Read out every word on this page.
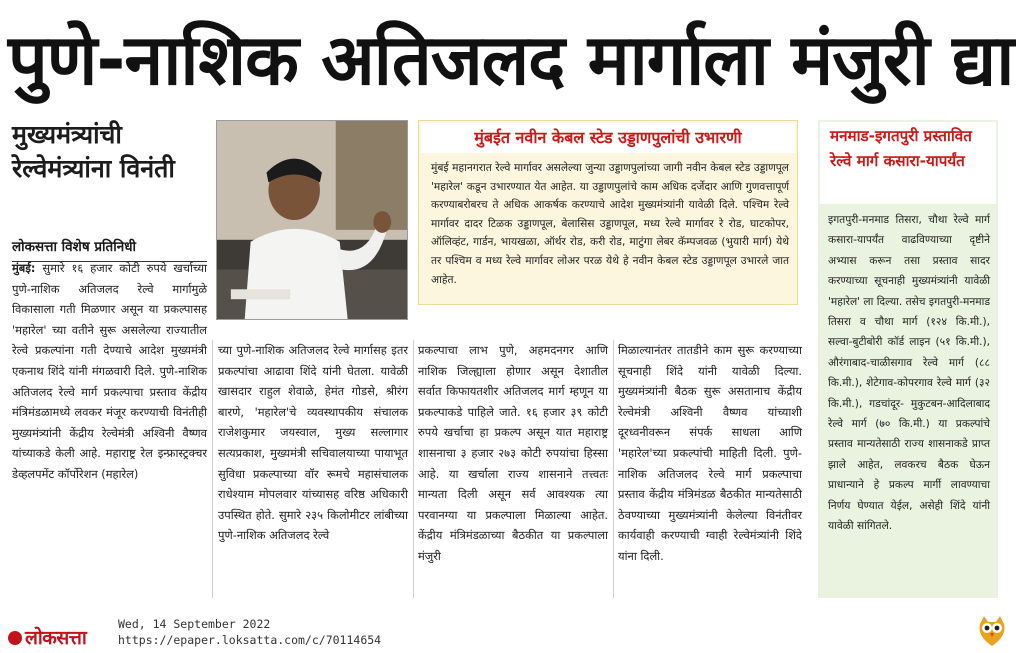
पुणे-नाशिक अतिजलद मार्गाला मंजुरी द्या
मुख्यमंत्र्यांची रेल्वेमंत्र्यांना विनंती
लोकसत्ता विशेष प्रतिनिधी
मुंबईत नवीन केबल स्टेड उड्डाणपुलांची उभारणी
मुंबई महानगरात रेल्वे मार्गावर असलेल्या जुन्या उड्डाणपुलांच्या जागी नवीन केबल स्टेड उड्डाणपूल 'महारेल' कडून उभारण्यात येत आहेत. या उड्डाणपुलांचे काम अधिक दर्जेदार आणि गुणवत्तापूर्ण करण्याबरोबरच ते अधिक आकर्षक करण्याचे आदेश मुख्यमंत्र्यांनी यावेळी दिले. पश्चिम रेल्वे मार्गावर दादर टिळक उड्डाणपूल, बेलासिस उड्डाणपूल, मध्य रेल्वे मार्गावर रे रोड, घाटकोपर, ऑलिव्हंट, गार्डन, भायखळा, ऑर्थर रोड, करी रोड, माटुंगा लेबर कॅम्पजवळ (भुयारी मार्ग) येथे तर पश्चिम व मध्य रेल्वे मार्गावर लोअर परळ येथे हे नवीन केबल स्टेड उड्डाणपूल उभारले जात आहेत.
मनमाड-इगतपुरी प्रस्तावित रेल्वे मार्ग कसारा-यापर्यंत
इगतपुरी-मनमाड तिसरा, चौथा रेल्वे मार्ग कसारा-यापर्यंत वाढविण्याच्या दृष्टीने अभ्यास करून तसा प्रस्ताव सादर करण्याच्या सूचनाही मुख्यमंत्र्यांनी यावेळी 'महारेल' ला दिल्या. तसेच इगतपुरी-मनमाड तिसरा व चौथा मार्ग (१२४ कि.मी.), सल्वा-बुटीबोरी कॉर्ड लाइन (५१ कि.मी.), औरंगाबाद-चाळीसगाव रेल्वे मार्ग (८८ कि.मी.), शेटेगाव-कोपरगाव रेल्वे मार्ग (३२ कि.मी.), गडचांदूर- मुकुटबन-आदिलाबाद रेल्वे मार्ग (७० कि.मी.) या प्रकल्पांचे प्रस्ताव मान्यतेसाठी राज्य शासनाकडे प्राप्त झाले आहेत, लवकरच बैठक घेऊन प्राधान्याने हे प्रकल्प मार्गी लावण्याचा निर्णय घेण्यात येईल, असेही शिंदे यांनी यावेळी सांगितले.
मुंबई: सुमारे १६ हजार कोटी रुपये खर्चाच्या पुणे-नाशिक अतिजलद रेल्वे मार्गामुळे विकासाला गती मिळणार असून या प्रकल्पासह 'महारेल' च्या वतीने सुरू असलेल्या राज्यातील रेल्वे प्रकल्पांना गती देण्याचे आदेश मुख्यमंत्री एकनाथ शिंदे यांनी मंगळवारी दिले. पुणे-नाशिक अतिजलद रेल्वे मार्ग प्रकल्पाचा प्रस्ताव केंद्रीय मंत्रिमंडळामध्ये लवकर मंजूर करण्याची विनंतीही मुख्यमंत्र्यांनी केंद्रीय रेल्वेमंत्री अश्विनी वैष्णव यांच्याकडे केली आहे. महाराष्ट्र रेल इन्फ्रास्ट्रक्चर डेव्हलपमेंट कॉर्पोरेशन (महारेल)
च्या पुणे-नाशिक अतिजलद रेल्वे मार्गासह इतर प्रकल्पांचा आढावा शिंदे यांनी घेतला. यावेळी खासदार राहुल शेवाळे, हेमंत गोडसे, श्रीरंग बारणे, 'महारेल'चे व्यवस्थापकीय संचालक राजेशकुमार जयस्वाल, मुख्य सल्लागार सत्यप्रकाश, मुख्यमंत्री सचिवालयाच्या पायाभूत सुविधा प्रकल्पाच्या वॉर रूमचे महासंचालक राधेश्याम मोपलवार यांच्यासह वरिष्ठ अधिकारी उपस्थित होते. सुमारे २३५ किलोमीटर लांबीच्या पुणे-नाशिक अतिजलद रेल्वे
प्रकल्पाचा लाभ पुणे, अहमदनगर आणि नाशिक जिल्ह्याला होणार असून देशातील सर्वात किफायतशीर अतिजलद मार्ग म्हणून या प्रकल्पाकडे पाहिले जाते. १६ हजार ३९ कोटी रुपये खर्चाचा हा प्रकल्प असून यात महाराष्ट्र शासनाचा ३ हजार २७३ कोटी रुपयांचा हिस्सा आहे. या खर्चाला राज्य शासनाने तत्त्वतः मान्यता दिली असून सर्व आवश्यक त्या परवानग्या या प्रकल्पाला मिळाल्या आहेत. केंद्रीय मंत्रिमंडळाच्या बैठकीत या प्रकल्पाला मंजुरी
मिळाल्यानंतर तातडीने काम सुरू करण्याच्या सूचनाही शिंदे यांनी यावेळी दिल्या. मुख्यमंत्र्यांनी बैठक सुरू असतानाच केंद्रीय रेल्वेमंत्री अश्विनी वैष्णव यांच्याशी दूरध्वनीवरून संपर्क साधला आणि 'महारेल'च्या प्रकल्पांची माहिती दिली. पुणे-नाशिक अतिजलद रेल्वे मार्ग प्रकल्पाचा प्रस्ताव केंद्रीय मंत्रिमंडळ बैठकीत मान्यतेसाठी ठेवण्याच्या मुख्यमंत्र्यांनी केलेल्या विनंतीवर कार्यवाही करण्याची ग्वाही रेल्वेमंत्र्यांनी शिंदे यांना दिली.
लोकसत्ता
Wed, 14 September 2022
https://epaper.loksatta.com/c/70114654
